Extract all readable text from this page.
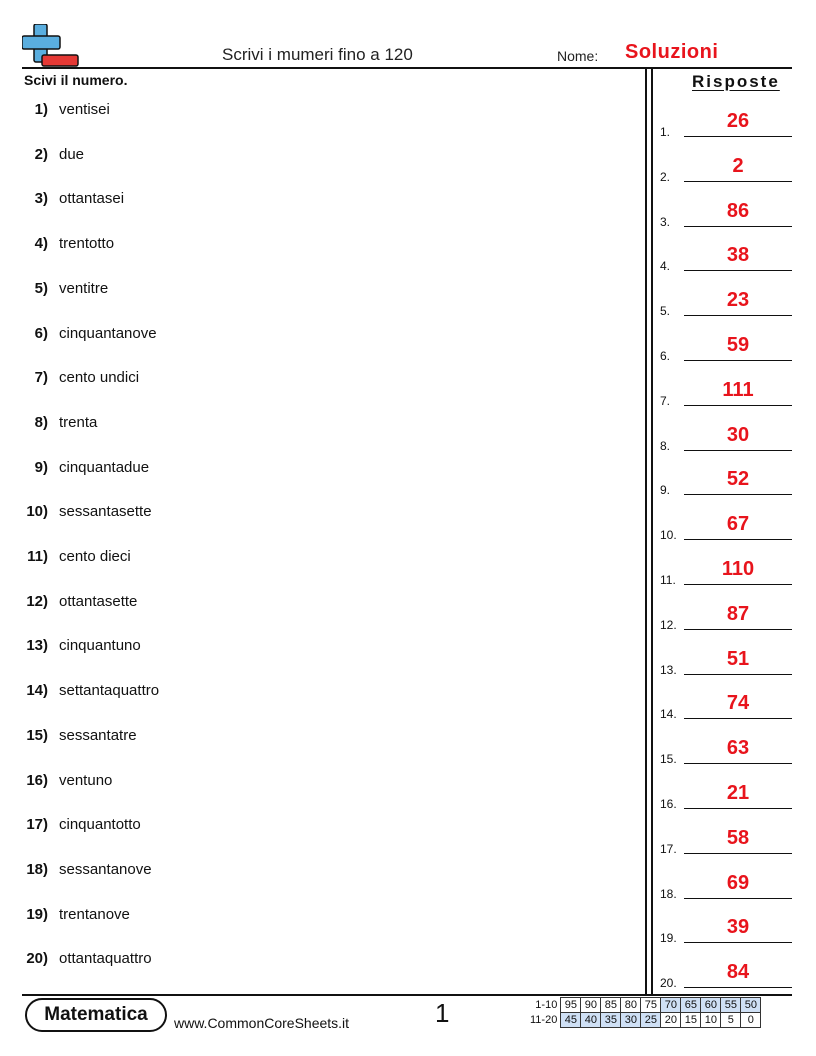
Scrivi i mumeri fino a 120	Nome: Soluzioni
Scivi il numero.	Risposte
1) ventisei
2) due
3) ottantasei
4) trentotto
5) ventitre
6) cinquantanove
7) cento undici
8) trenta
9) cinquantadue
10) sessantasette
11) cento dieci
12) ottantasette
13) cinquantuno
14) settantaquattro
15) sessantatre
16) ventuno
17) cinquantotto
18) sessantanove
19) trentanove
20) ottantaquattro
1.	26
2.	2
3.	86
4.	38
5.	23
6.	59
7.	111
8.	30
9.	52
10.	67
11.	110
12.	87
13.	51
14.	74
15.	63
16.	21
17.	58
18.	69
19.	39
20.	84
Matematica www.CommonCoreSheets.it	1	1-10	95	90	85	80	75	70	65	60	55	50
11-20	45	40	35	30	25	20	15	10	5	0
